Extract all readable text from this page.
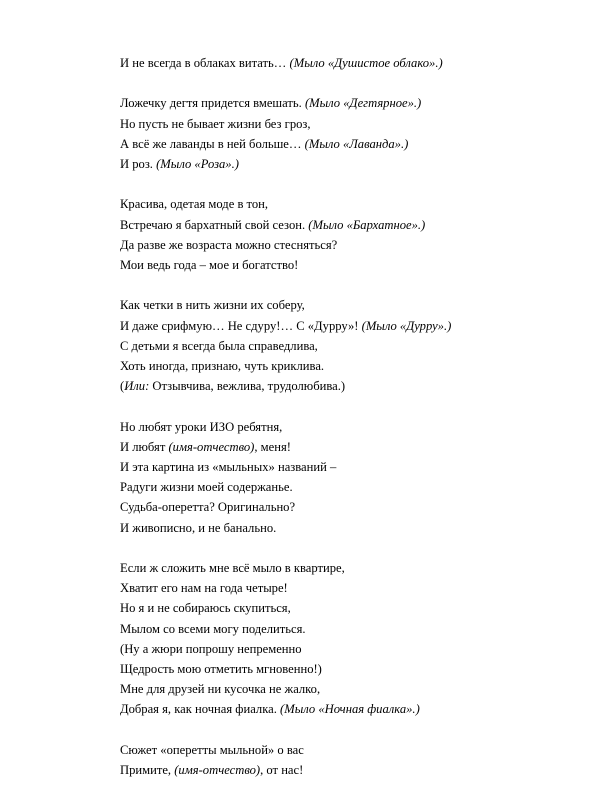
И не всегда в облаках витать… (Мыло «Душистое облако».)
Ложечку дегтя придется вмешать. (Мыло «Дегтярное».)
Но пусть не бывает жизни без гроз,
А всё же лаванды в ней больше… (Мыло «Лаванда».)
И роз. (Мыло «Роза».)
Красива, одетая моде в тон,
Встречаю я бархатный свой сезон. (Мыло «Бархатное».)
Да разве же возраста можно стесняться?
Мои ведь года – мое и богатство!
Как четки в нить жизни их соберу,
И даже срифмую… Не сдуру!… С «Дурру»! (Мыло «Дурру».)
С детьми я всегда была справедлива,
Хоть иногда, признаю, чуть криклива.
(Или: Отзывчива, вежлива, трудолюбива.)
Но любят уроки ИЗО ребятня,
И любят (имя-отчество), меня!
И эта картина из «мыльных» названий –
Радуги жизни моей содержанье.
Судьба-оперетта? Оригинально?
И живописно, и не банально.
Если ж сложить мне всё мыло в квартире,
Хватит его нам на года четыре!
Но я и не собираюсь скупиться,
Мылом со всеми могу поделиться.
(Ну а жюри попрошу непременно
Щедрость мою отметить мгновенно!)
Мне для друзей ни кусочка не жалко,
Добрая я, как ночная фиалка. (Мыло «Ночная фиалка».)
Сюжет «оперетты мыльной» о вас
Примите, (имя-отчество), от нас!
